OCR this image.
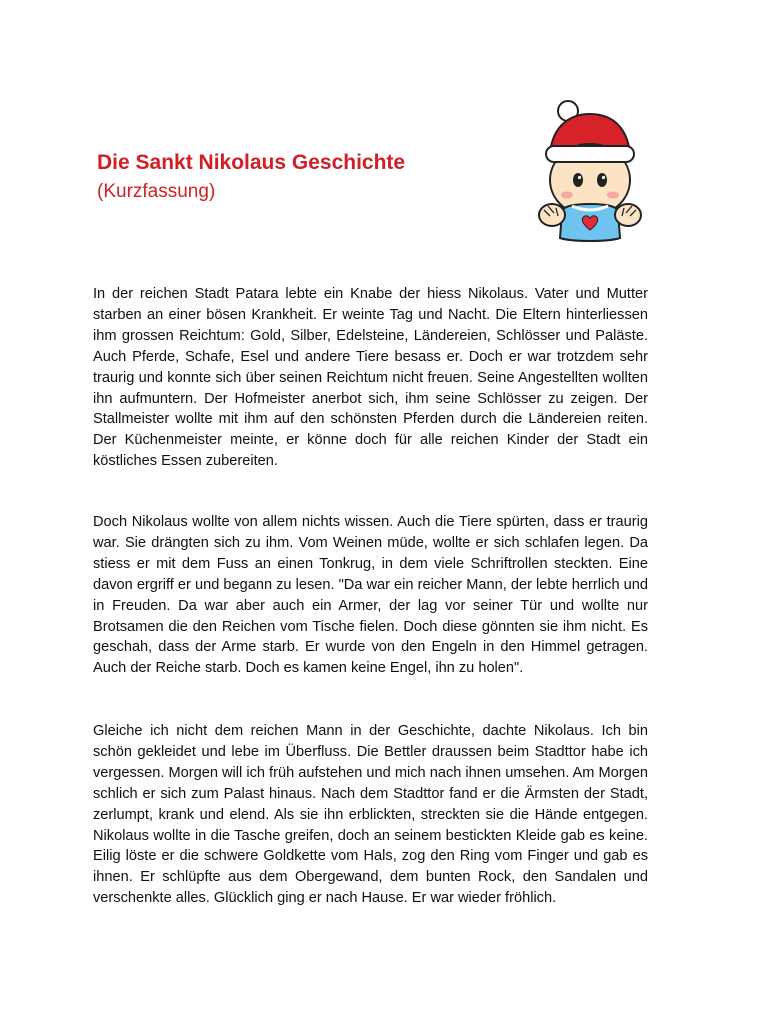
Die Sankt Nikolaus Geschichte
(Kurzfassung)

In der reichen Stadt Patara lebte ein Knabe der hiess Nikolaus. Vater und Mutter starben an einer bösen Krankheit. Er weinte Tag und Nacht. Die Eltern hinterliessen ihm grossen Reichtum: Gold, Silber, Edelsteine, Ländereien, Schlösser und Paläste. Auch Pferde, Schafe, Esel und andere Tiere besass er. Doch er war trotzdem sehr traurig und konnte sich über seinen Reichtum nicht freuen. Seine Angestellten wollten ihn aufmuntern. Der Hofmeister anerbot sich, ihm seine Schlösser zu zeigen. Der Stallmeister wollte mit ihm auf den schönsten Pferden durch die Ländereien reiten. Der Küchenmeister meinte, er könne doch für alle reichen Kinder der Stadt ein köstliches Essen zubereiten.

Doch Nikolaus wollte von allem nichts wissen. Auch die Tiere spürten, dass er traurig war. Sie drängten sich zu ihm. Vom Weinen müde, wollte er sich schlafen legen. Da stiess er mit dem Fuss an einen Tonkrug, in dem viele Schriftrollen steckten. Eine davon ergriff er und begann zu lesen. "Da war ein reicher Mann, der lebte herrlich und in Freuden. Da war aber auch ein Armer, der lag vor seiner Tür und wollte nur Brotsamen die den Reichen vom Tische fielen. Doch diese gönnten sie ihm nicht. Es geschah, dass der Arme starb. Er wurde von den Engeln in den Himmel getragen. Auch der Reiche starb. Doch es kamen keine Engel, ihn zu holen".

Gleiche ich nicht dem reichen Mann in der Geschichte, dachte Nikolaus. Ich bin schön gekleidet und lebe im Überfluss. Die Bettler draussen beim Stadttor habe ich vergessen. Morgen will ich früh aufstehen und mich nach ihnen umsehen. Am Morgen schlich er sich zum Palast hinaus. Nach dem Stadttor fand er die Ärmsten der Stadt, zerlumpt, krank und elend. Als sie ihn erblickten, streckten sie die Hände entgegen. Nikolaus wollte in die Tasche greifen, doch an seinem bestickten Kleide gab es keine. Eilig löste er die schwere Goldkette vom Hals, zog den Ring vom Finger und gab es ihnen. Er schlüpfte aus dem Obergewand, dem bunten Rock, den Sandalen und verschenkte alles. Glücklich ging er nach Hause. Er war wieder fröhlich.
